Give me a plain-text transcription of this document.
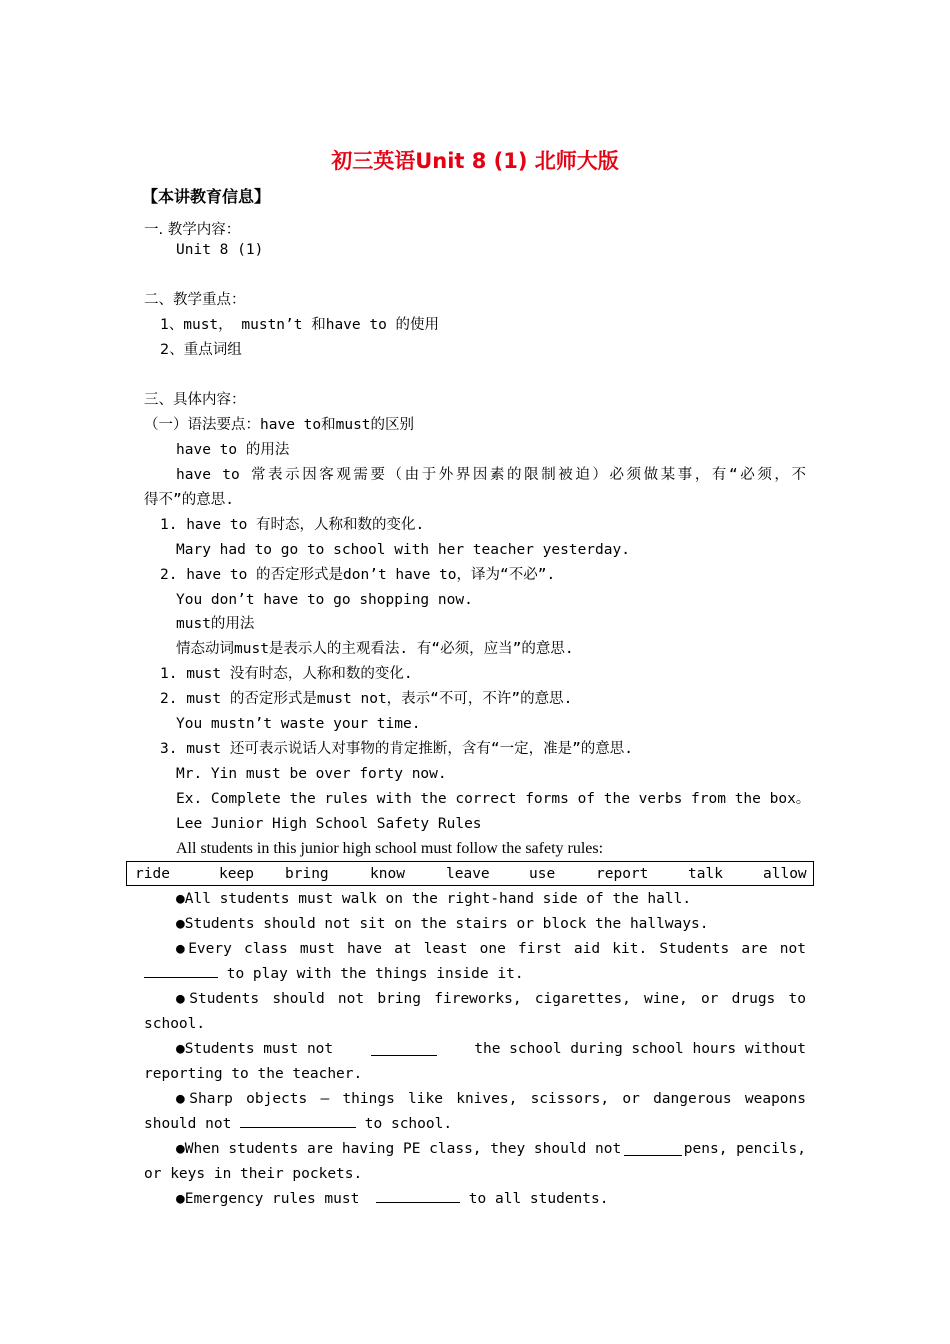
初三英语Unit 8 (1) 北师大版
【本讲教育信息】
一. 教学内容：
Unit 8 (1)
二、教学重点：
1、must， mustn’t 和have to 的使用
2、重点词组
三、具体内容：
（一）语法要点：have to和must的区别
have to 的用法
have to 常表示因客观需要（由于外界因素的限制被迫）必须做某事，有“必须，不
得不”的意思.
1. have to 有时态，人称和数的变化.
Mary had to go to school with her teacher yesterday.
2. have to 的否定形式是don’t have to，译为“不必”.
You don’t have to go shopping now.
must的用法
情态动词must是表示人的主观看法. 有“必须，应当”的意思.
1. must 没有时态，人称和数的变化.
2. must 的否定形式是must not，表示“不可，不许”的意思.
You mustn’t waste your time.
3. must 还可表示说话人对事物的肯定推断，含有“一定，准是”的意思.
Mr. Yin must be over forty now.
Ex. Complete the rules with the correct forms of the verbs from the box。
Lee Junior High School Safety Rules
All students in this junior high school must follow the safety rules:
ride	keep bring	know	leave	use	report	talk	allow
●All students must walk on the right-hand side of the hall.
●Students should not sit on the stairs or block the hallways.
●Every class must have at least one first aid kit. Students are not
to play with the things inside it.
●Students should not bring fireworks, cigarettes, wine, or drugs to
school.
●Students must not	the school during school hours without
reporting to the teacher.
●Sharp objects – things like knives, scissors, or dangerous weapons
should not	to school.
●When students are having PE class, they should not	pens, pencils,
or keys in their pockets.
●Emergency rules must	to all students.
